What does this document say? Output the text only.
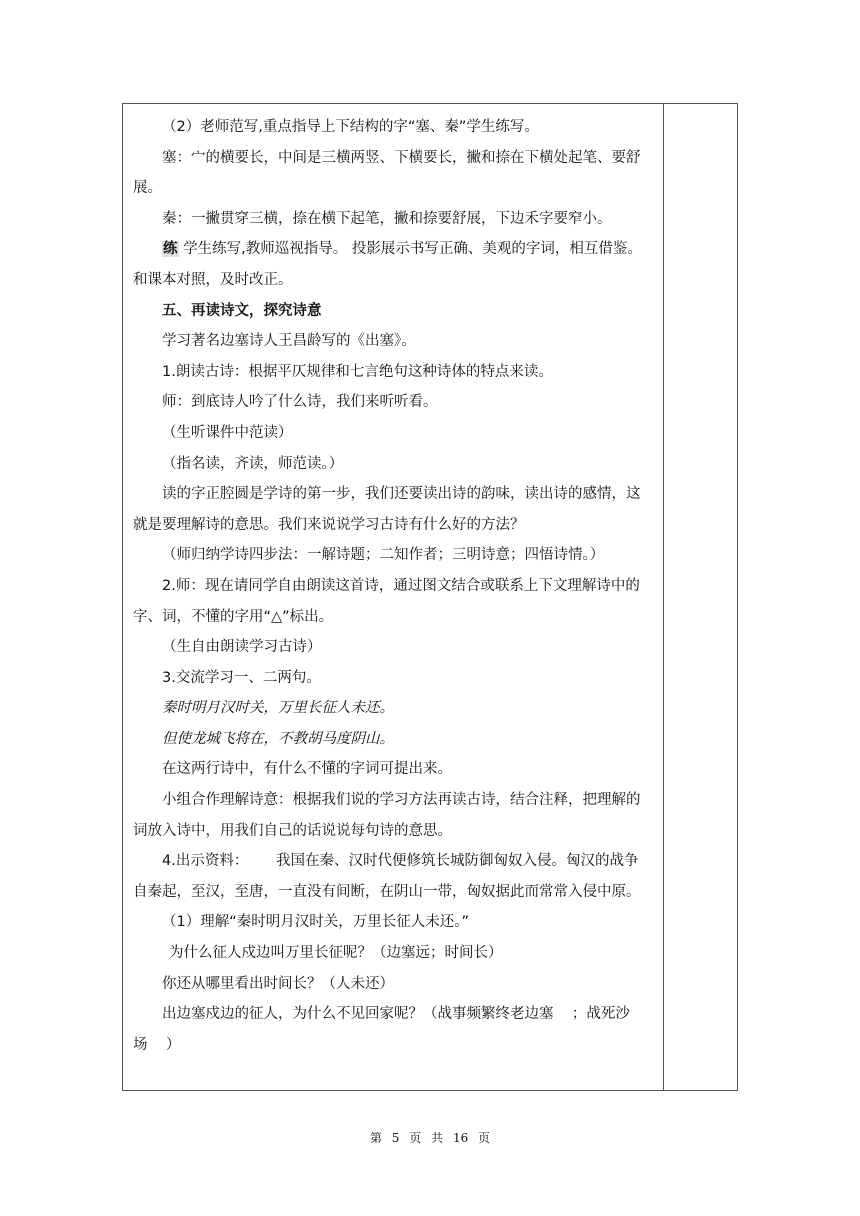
（2）老师范写,重点指导上下结构的字“塞、秦”学生练写。
塞：宀的横要长，中间是三横两竖、下横要长，撇和捺在下横处起笔、要舒
展。
秦：一撇贯穿三横，捺在横下起笔，撇和捺要舒展，下边禾字要窄小。
练 学生练写,教师巡视指导。 投影展示书写正确、美观的字词，相互借鉴。
和课本对照，及时改正。
五、再读诗文，探究诗意
学习著名边塞诗人王昌龄写的《出塞》。
1.朗读古诗：根据平仄规律和七言绝句这种诗体的特点来读。
师：到底诗人吟了什么诗，我们来听听看。
（生听课件中范读）
（指名读，齐读，师范读。）
读的字正腔圆是学诗的第一步，我们还要读出诗的韵味，读出诗的感情，这
就是要理解诗的意思。我们来说说学习古诗有什么好的方法？
（师归纳学诗四步法：一解诗题；二知作者；三明诗意；四悟诗情。）
2.师：现在请同学自由朗读这首诗，通过图文结合或联系上下文理解诗中的
字、词，不懂的字用“△”标出。
（生自由朗读学习古诗）
3.交流学习一、二两句。
秦时明月汉时关，万里长征人未还。
但使龙城飞将在，不教胡马度阴山。
在这两行诗中，有什么不懂的字词可提出来。
小组合作理解诗意：根据我们说的学习方法再读古诗，结合注释，把理解的
词放入诗中，用我们自己的话说说每句诗的意思。
4.出示资料：      我国在秦、汉时代便修筑长城防御匈奴入侵。匈汉的战争
自秦起，至汉，至唐，一直没有间断，在阴山一带，匈奴据此而常常入侵中原。
（1）理解“秦时明月汉时关，万里长征人未还。”
为什么征人戍边叫万里长征呢？（边塞远；时间长）
你还从哪里看出时间长？（人未还）
出边塞戍边的征人，为什么不见回家呢？（战事频繁终老边塞    ；战死沙
场    ）
第 5 页 共 16 页
